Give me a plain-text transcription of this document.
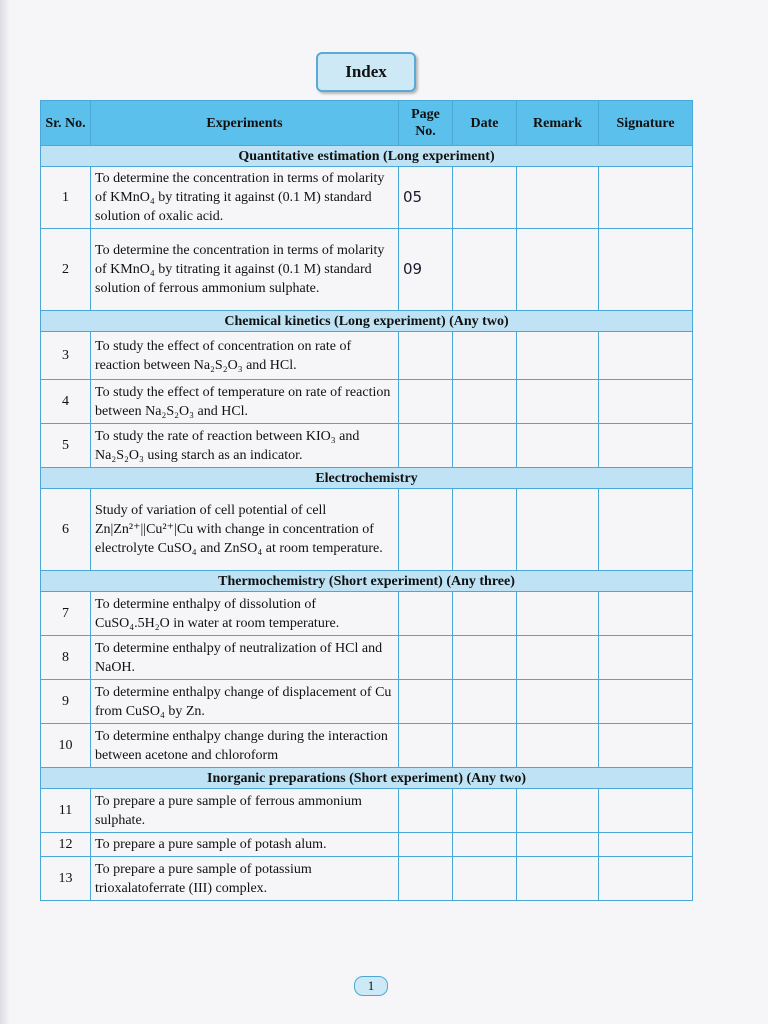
Index
Sr. No.	Experiments	Page No.	Date	Remark	Signature
Quantitative estimation (Long experiment)					
1	To determine the concentration in terms of molarity of KMnO₄ by titrating it against (0.1 M) standard solution of oxalic acid.	05			
2	To determine the concentration in terms of molarity of KMnO₄ by titrating it against (0.1 M) standard solution of ferrous ammonium sulphate.	09			
Chemical kinetics (Long experiment) (Any two)					
3	To study the effect of concentration on rate of reaction between Na₂S₂O₃ and HCl.				
4	To study the effect of temperature on rate of reaction between Na₂S₂O₃ and HCl.				
5	To study the rate of reaction between KIO₃ and Na₂S₂O₃ using starch as an indicator.				
Electrochemistry					
6	Study of variation of cell potential of cell Zn|Zn²⁺||Cu²⁺|Cu with change in concentration of electrolyte CuSO₄ and ZnSO₄ at room temperature.				
Thermochemistry (Short experiment) (Any three)					
7	To determine enthalpy of dissolution of CuSO₄.5H₂O in water at room temperature.				
8	To determine enthalpy of neutralization of HCl and NaOH.				
9	To determine enthalpy change of displacement of Cu from CuSO₄ by Zn.				
10	To determine enthalpy change during the interaction between acetone and chloroform				
Inorganic preparations (Short experiment) (Any two)					
11	To prepare a pure sample of ferrous ammonium sulphate.				
12	To prepare a pure sample of potash alum.				
13	To prepare a pure sample of potassium trioxalatoferrate (III) complex.				
1
